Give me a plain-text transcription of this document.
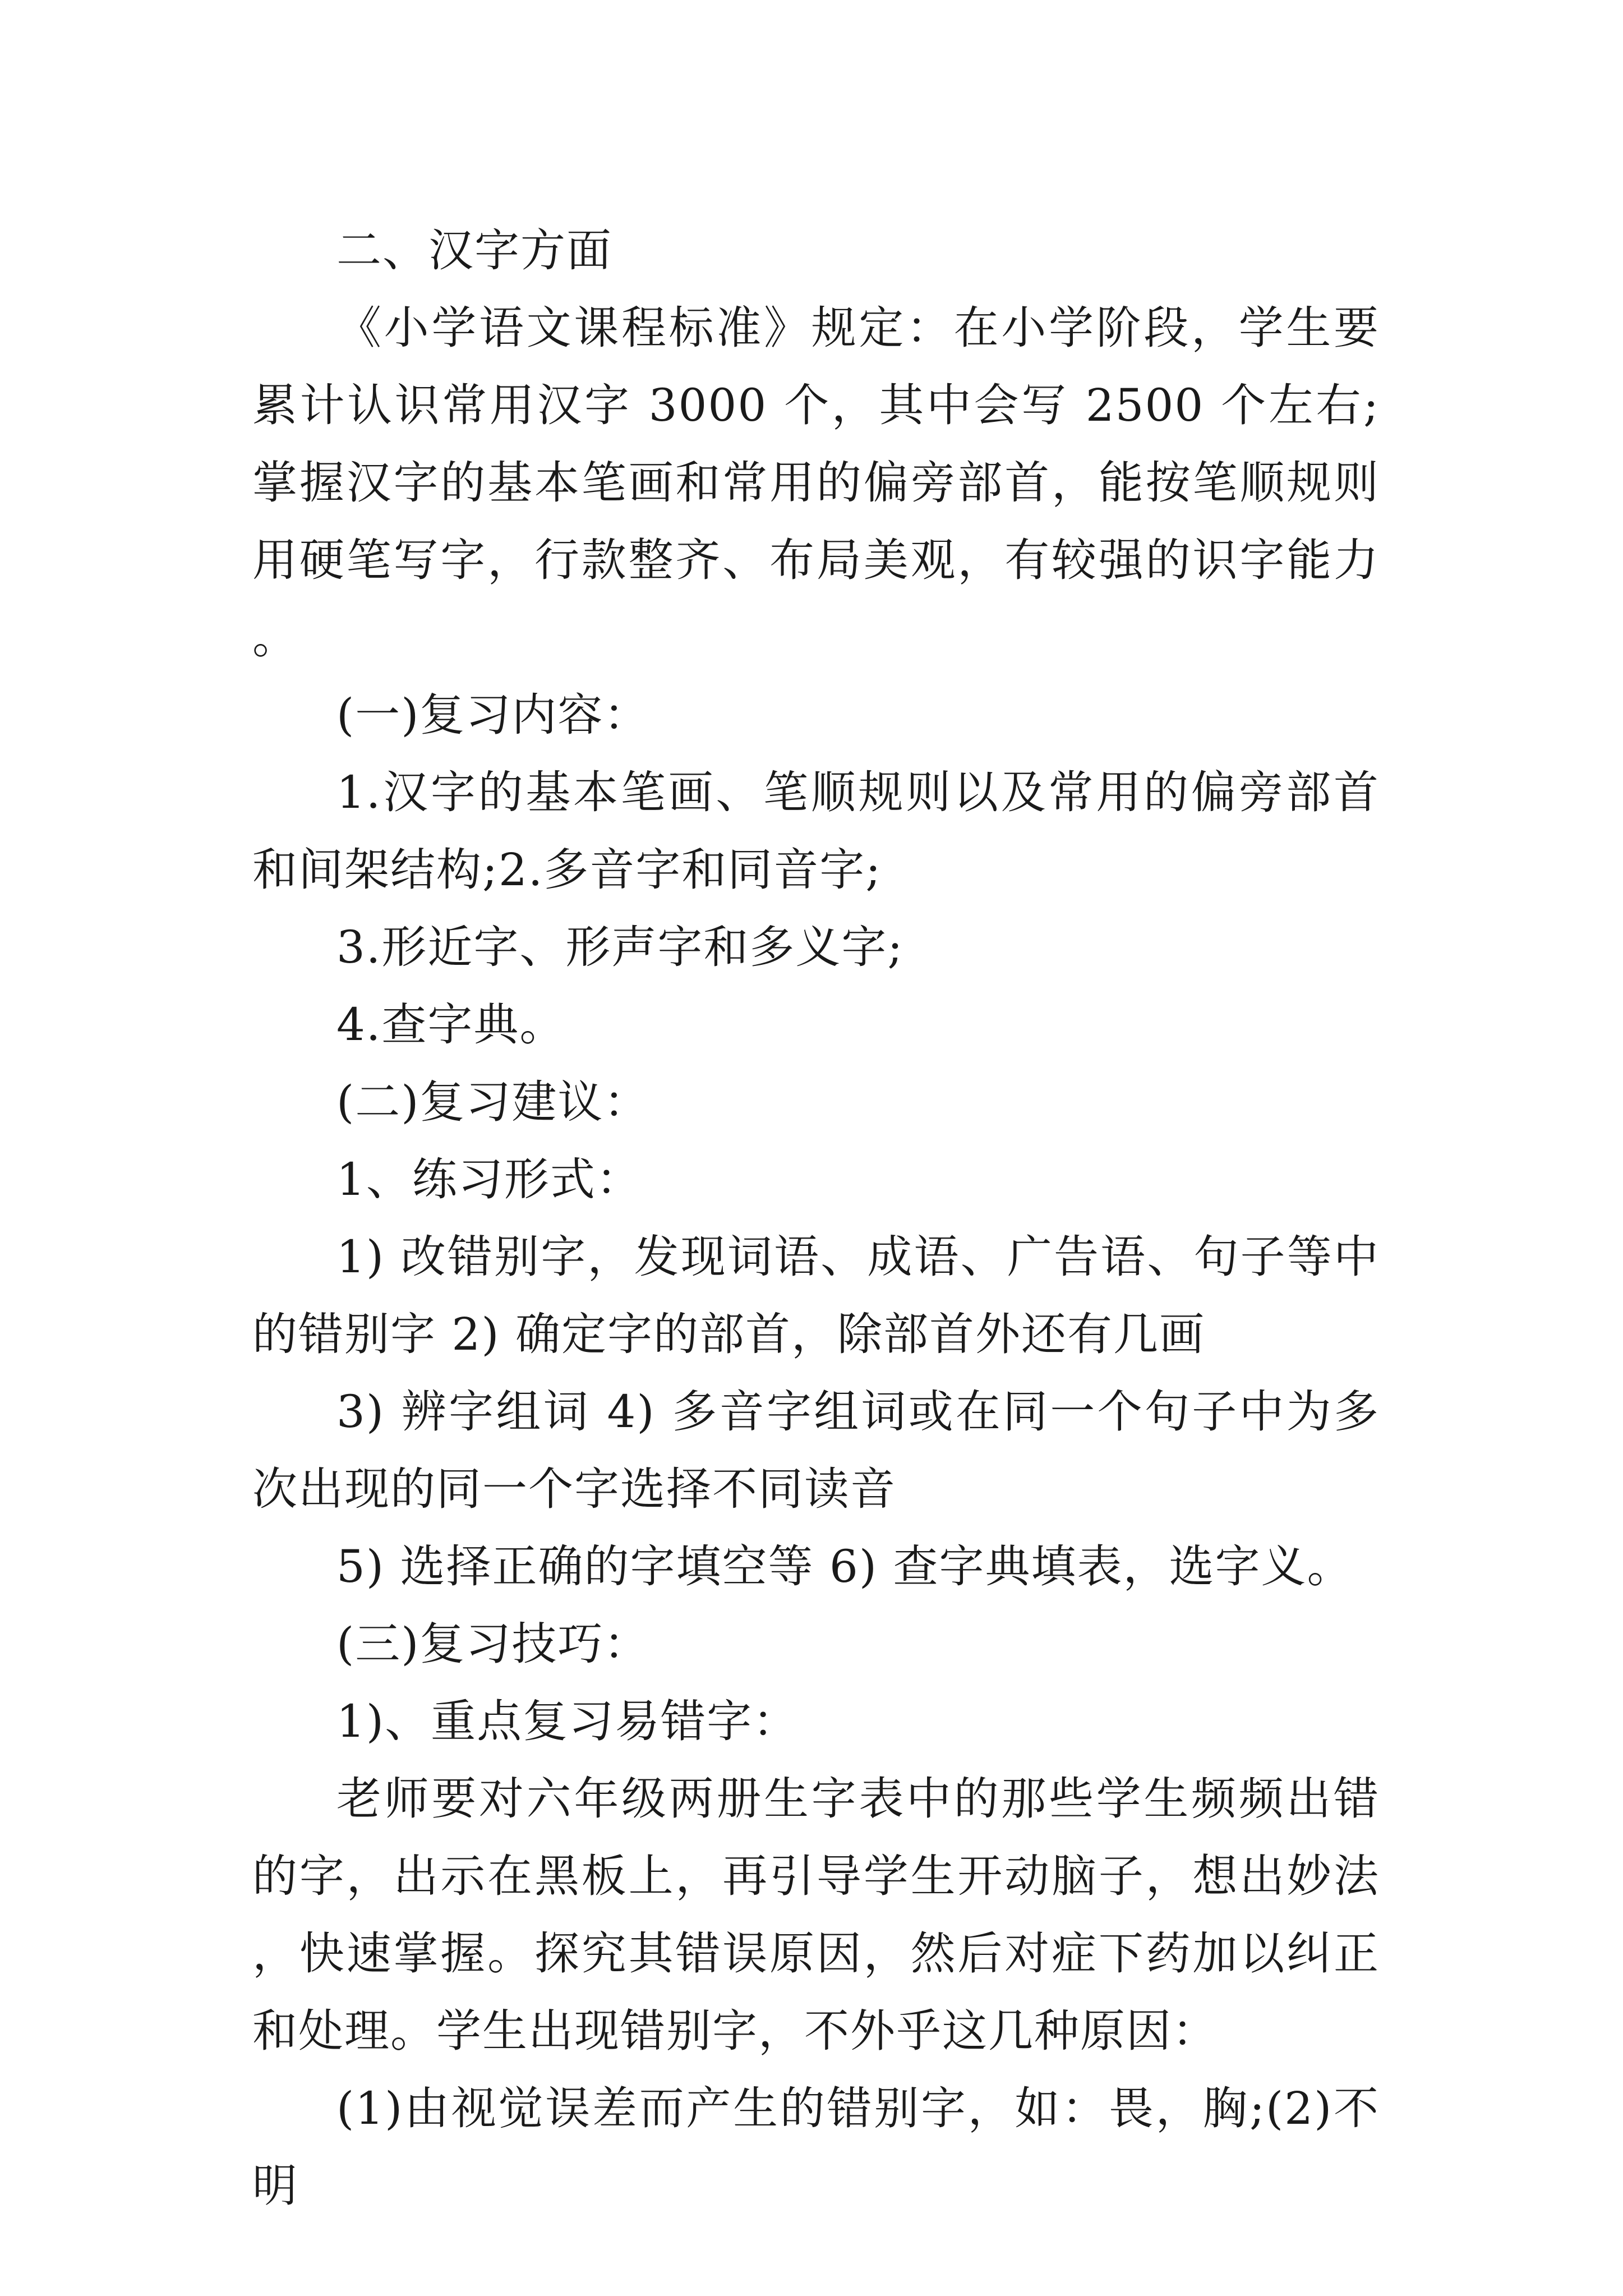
二、汉字方面

《小学语文课程标准》规定：在小学阶段，学生要累计认识常用汉字 3000 个，其中会写 2500 个左右;掌握汉字的基本笔画和常用的偏旁部首，能按笔顺规则用硬笔写字，行款整齐、布局美观，有较强的识字能力。

(一)复习内容：

1.汉字的基本笔画、笔顺规则以及常用的偏旁部首和间架结构;2.多音字和同音字;

3.形近字、形声字和多义字;

4.查字典。

(二)复习建议：

1、练习形式：

1) 改错别字，发现词语、成语、广告语、句子等中的错别字 2) 确定字的部首，除部首外还有几画

3) 辨字组词 4) 多音字组词或在同一个句子中为多次出现的同一个字选择不同读音

5) 选择正确的字填空等 6) 查字典填表，选字义。

(三)复习技巧：

1)、重点复习易错字：

老师要对六年级两册生字表中的那些学生频频出错的字，出示在黑板上，再引导学生开动脑子，想出妙法，快速掌握。探究其错误原因，然后对症下药加以纠正和处理。学生出现错别字，不外乎这几种原因：

(1)由视觉误差而产生的错别字，如：畏，胸;(2)不明
